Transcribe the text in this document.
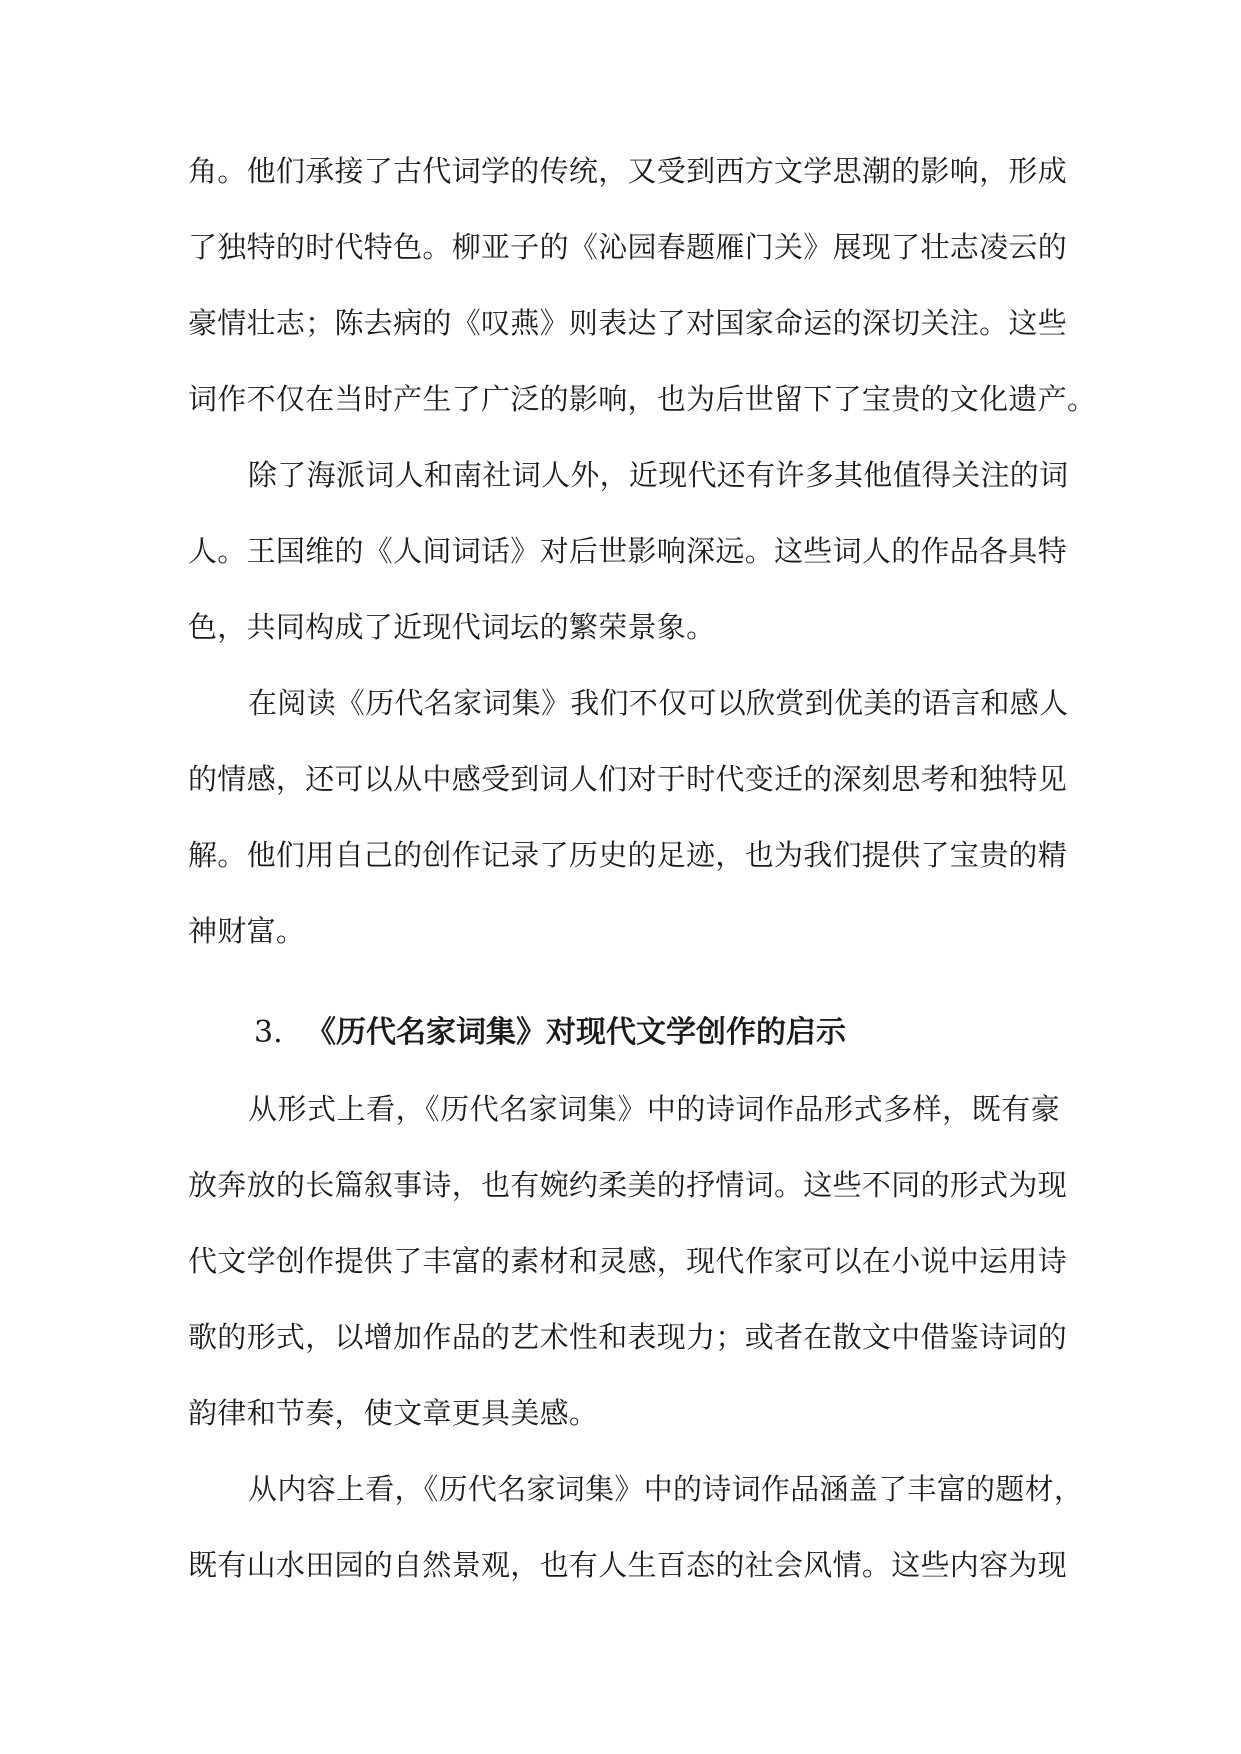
角。他们承接了古代词学的传统，又受到西方文学思潮的影响，形成
了独特的时代特色。柳亚子的《沁园春题雁门关》展现了壮志凌云的
豪情壮志；陈去病的《叹燕》则表达了对国家命运的深切关注。这些
词作不仅在当时产生了广泛的影响，也为后世留下了宝贵的文化遗产。
除了海派词人和南社词人外，近现代还有许多其他值得关注的词
人。王国维的《人间词话》对后世影响深远。这些词人的作品各具特
色，共同构成了近现代词坛的繁荣景象。
在阅读《历代名家词集》我们不仅可以欣赏到优美的语言和感人
的情感，还可以从中感受到词人们对于时代变迁的深刻思考和独特见
解。他们用自己的创作记录了历史的足迹，也为我们提供了宝贵的精
神财富。
3. 《历代名家词集》对现代文学创作的启示
从形式上看，《历代名家词集》中的诗词作品形式多样，既有豪
放奔放的长篇叙事诗，也有婉约柔美的抒情词。这些不同的形式为现
代文学创作提供了丰富的素材和灵感，现代作家可以在小说中运用诗
歌的形式，以增加作品的艺术性和表现力；或者在散文中借鉴诗词的
韵律和节奏，使文章更具美感。
从内容上看，《历代名家词集》中的诗词作品涵盖了丰富的题材，
既有山水田园的自然景观，也有人生百态的社会风情。这些内容为现
